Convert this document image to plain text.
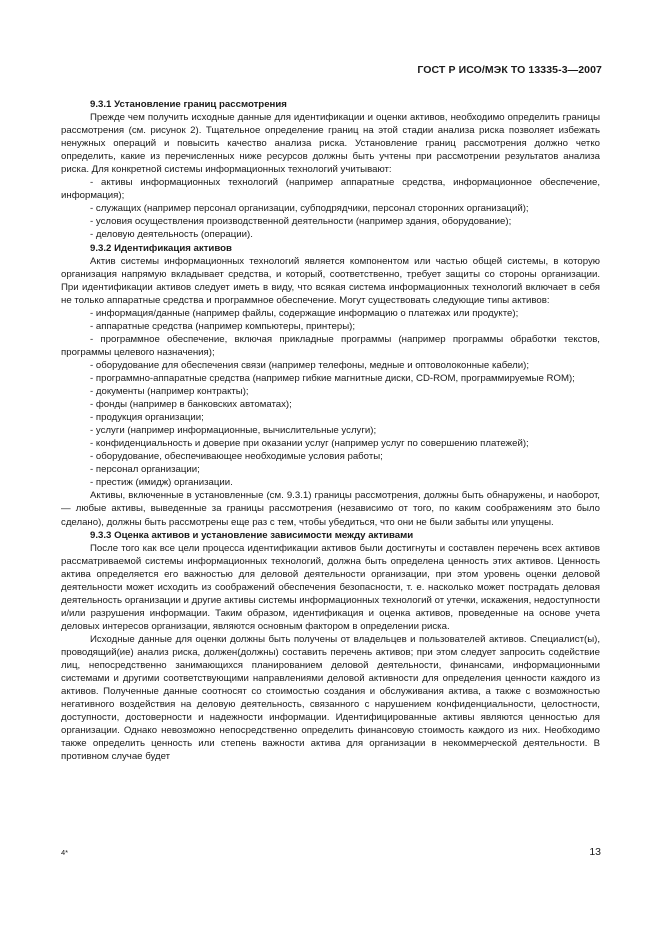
ГОСТ Р ИСО/МЭК ТО 13335-3—2007

9.3.1 Установление границ рассмотрения

Прежде чем получить исходные данные для идентификации и оценки активов, необходимо определить границы рассмотрения (см. рисунок 2). Тщательное определение границ на этой стадии анализа риска позволяет избежать ненужных операций и повысить качество анализа риска. Установление границ рассмотрения должно четко определить, какие из перечисленных ниже ресурсов должны быть учтены при рассмотрении результатов анализа риска. Для конкретной системы информационных технологий учитывают:

- активы информационных технологий (например аппаратные средства, информационное обеспечение, информация);

- служащих (например персонал организации, субподрядчики, персонал сторонних организаций);

- условия осуществления производственной деятельности (например здания, оборудование);

- деловую деятельность (операции).

9.3.2 Идентификация активов

Актив системы информационных технологий является компонентом или частью общей системы, в которую организация напрямую вкладывает средства, и который, соответственно, требует защиты со стороны организации. При идентификации активов следует иметь в виду, что всякая система информационных технологий включает в себя не только аппаратные средства и программное обеспечение. Могут существовать следующие типы активов:

- информация/данные (например файлы, содержащие информацию о платежах или продукте);

- аппаратные средства (например компьютеры, принтеры);

- программное обеспечение, включая прикладные программы (например программы обработки текстов, программы целевого назначения);

- оборудование для обеспечения связи (например телефоны, медные и оптоволоконные кабели);

- программно-аппаратные средства (например гибкие магнитные диски, CD-ROM, программируемые ROM);

- документы (например контракты);

- фонды (например в банковских автоматах);

- продукция организации;

- услуги (например информационные, вычислительные услуги);

- конфиденциальность и доверие при оказании услуг (например услуг по совершению платежей);

- оборудование, обеспечивающее необходимые условия работы;

- персонал организации;

- престиж (имидж) организации.

Активы, включенные в установленные (см. 9.3.1) границы рассмотрения, должны быть обнаружены, и наоборот, — любые активы, выведенные за границы рассмотрения (независимо от того, по каким соображениям это было сделано), должны быть рассмотрены еще раз с тем, чтобы убедиться, что они не были забыты или упущены.

9.3.3 Оценка активов и установление зависимости между активами

После того как все цели процесса идентификации активов были достигнуты и составлен перечень всех активов рассматриваемой системы информационных технологий, должна быть определена ценность этих активов. Ценность актива определяется его важностью для деловой деятельности организации, при этом уровень оценки деловой деятельности может исходить из соображений обеспечения безопасности, т. е. насколько может пострадать деловая деятельность организации и другие активы системы информационных технологий от утечки, искажения, недоступности и/или разрушения информации. Таким образом, идентификация и оценка активов, проведенные на основе учета деловых интересов организации, являются основным фактором в определении риска.

Исходные данные для оценки должны быть получены от владельцев и пользователей активов. Специалист(ы), проводящий(ие) анализ риска, должен(должны) составить перечень активов; при этом следует запросить содействие лиц, непосредственно занимающихся планированием деловой деятельности, финансами, информационными системами и другими соответствующими направлениями деловой активности для определения ценности каждого из активов. Полученные данные соотносят со стоимостью создания и обслуживания актива, а также с возможностью негативного воздействия на деловую деятельность, связанного с нарушением конфиденциальности, целостности, доступности, достоверности и надежности информации. Идентифицированные активы являются ценностью для организации. Однако невозможно непосредственно определить финансовую стоимость каждого из них. Необходимо также определить ценность или степень важности актива для организации в некоммерческой деятельности. В противном случае будет

4*	13
